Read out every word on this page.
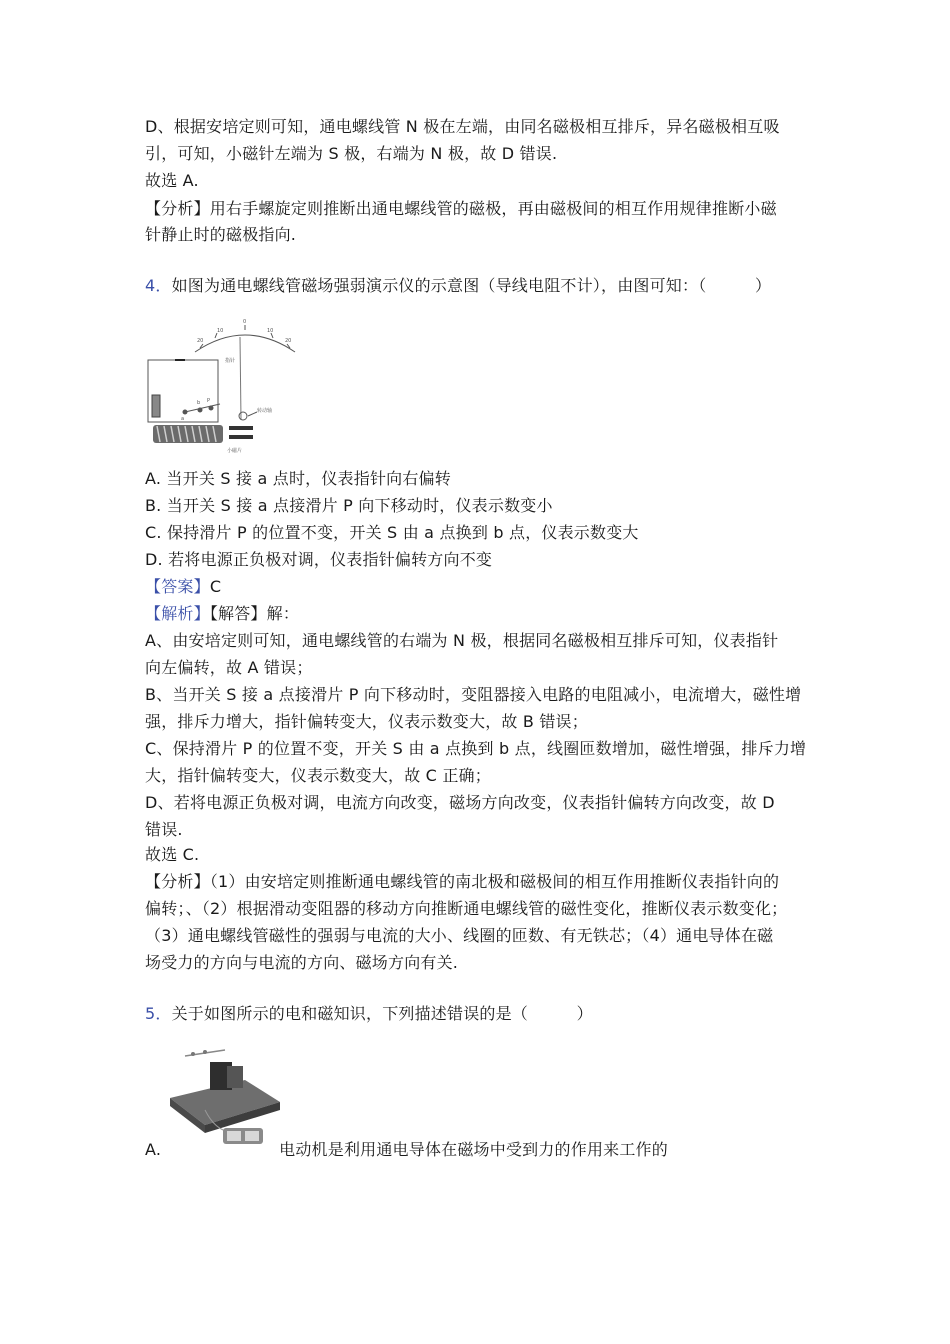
D、根据安培定则可知，通电螺线管 N 极在左端，由同名磁极相互排斥，异名磁极相互吸
引，可知，小磁针左端为 S 极，右端为 N 极，故 D 错误.
故选 A.
【分析】用右手螺旋定则推断出通电螺线管的磁极，再由磁极间的相互作用规律推断小磁
针静止时的磁极指向.
4．如图为通电螺线管磁场强弱演示仪的示意图（导线电阻不计），由图可知：（　　　）
20
10
0
10
20
指针
a
b P
转动轴
小磁片
A. 当开关 S 接 a 点时，仪表指针向右偏转
B. 当开关 S 接 a 点接滑片 P 向下移动时，仪表示数变小
C. 保持滑片 P 的位置不变，开关 S 由 a 点换到 b 点，仪表示数变大
D. 若将电源正负极对调，仪表指针偏转方向不变
【答案】C
【解析】【解答】解：
A、由安培定则可知，通电螺线管的右端为 N 极，根据同名磁极相互排斥可知，仪表指针
向左偏转，故 A 错误；
B、当开关 S 接 a 点接滑片 P 向下移动时，变阻器接入电路的电阻减小，电流增大，磁性增
强，排斥力增大，指针偏转变大，仪表示数变大，故 B 错误；
C、保持滑片 P 的位置不变，开关 S 由 a 点换到 b 点，线圈匝数增加，磁性增强，排斥力增
大，指针偏转变大，仪表示数变大，故 C 正确；
D、若将电源正负极对调，电流方向改变，磁场方向改变，仪表指针偏转方向改变，故 D
错误.
故选 C.
【分析】（1）由安培定则推断通电螺线管的南北极和磁极间的相互作用推断仪表指针向的
偏转；、（2）根据滑动变阻器的移动方向推断通电螺线管的磁性变化，推断仪表示数变化；
（3）通电螺线管磁性的强弱与电流的大小、线圈的匝数、有无铁芯；（4）通电导体在磁
场受力的方向与电流的方向、磁场方向有关.
5．关于如图所示的电和磁知识，下列描述错误的是（　　　）
A.	电动机是利用通电导体在磁场中受到力的作用来工作的
